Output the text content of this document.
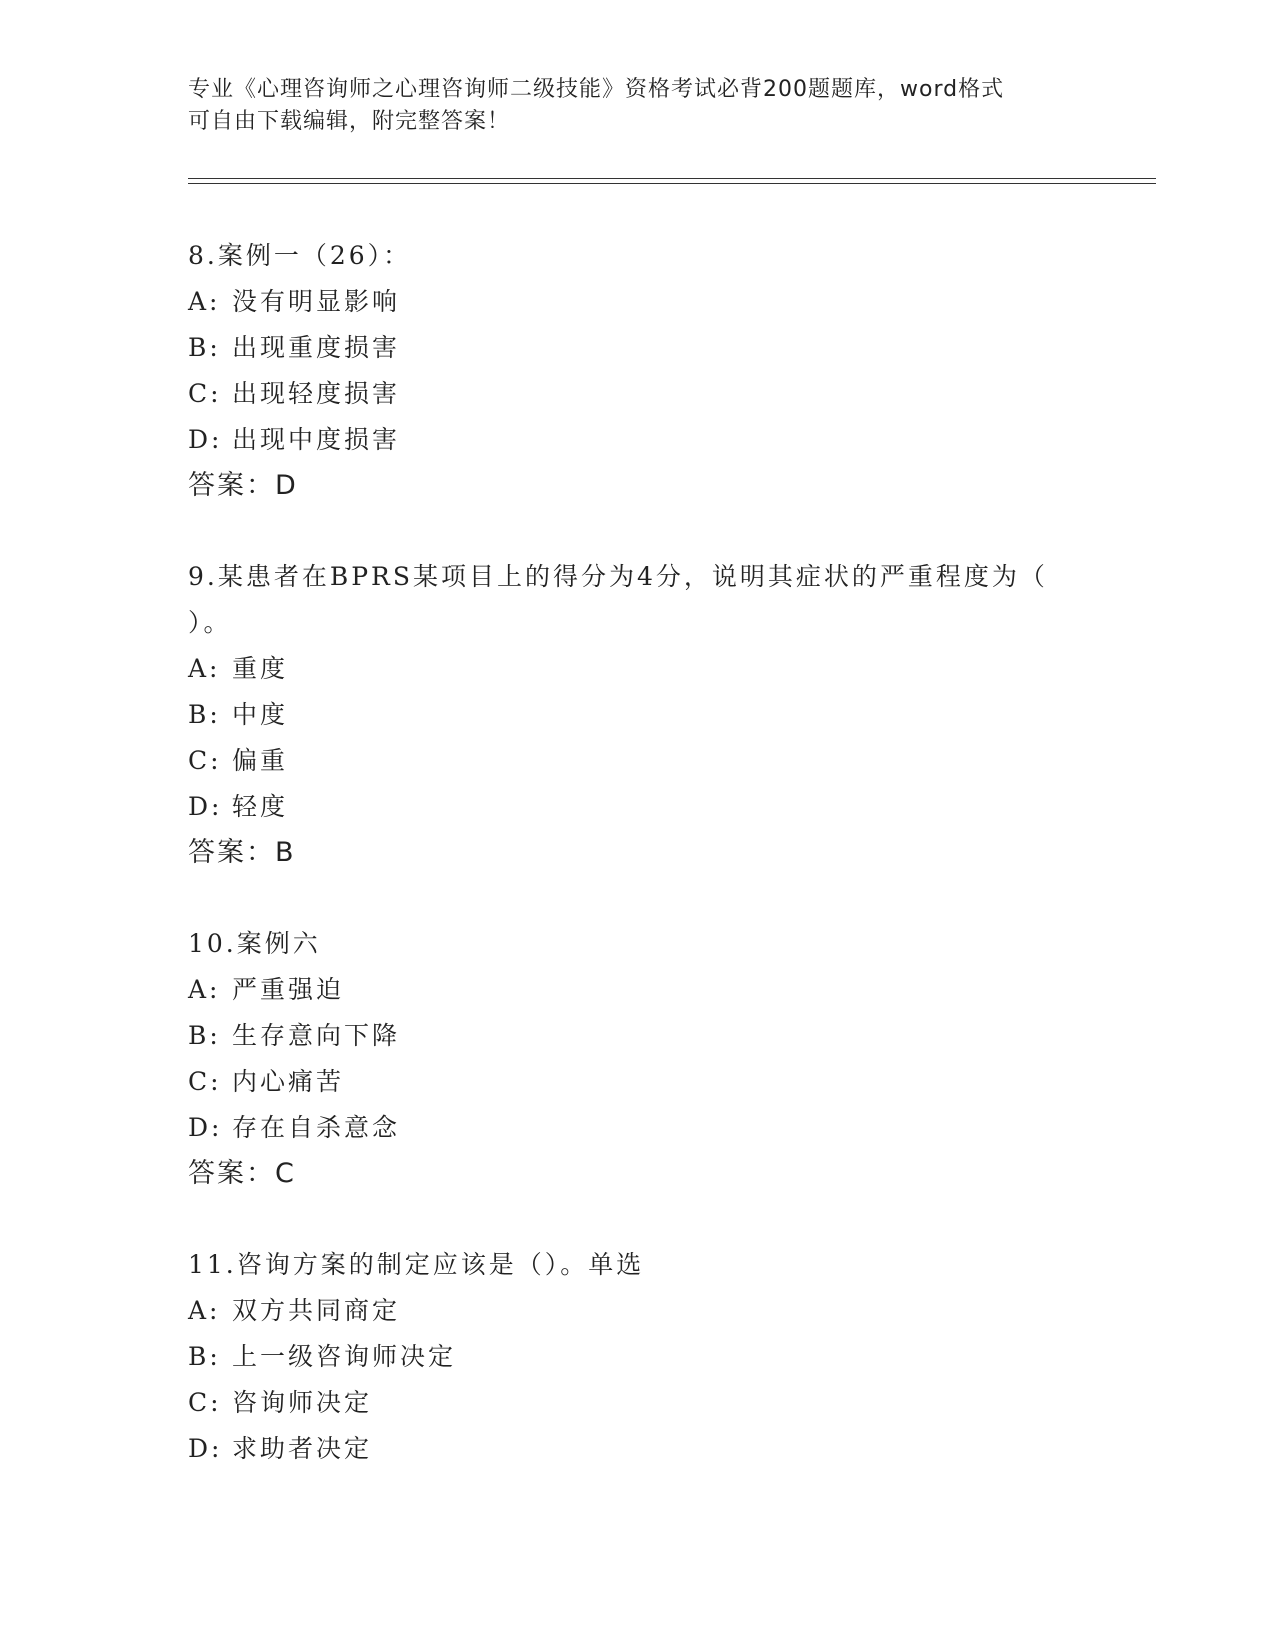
专业《心理咨询师之心理咨询师二级技能》资格考试必背200题题库，word格式
可自由下载编辑，附完整答案！
8.案例一（26）：
A: 没有明显影响
B: 出现重度损害
C: 出现轻度损害
D: 出现中度损害
答案：D
9.某患者在BPRS某项目上的得分为4分，说明其症状的严重程度为（
）。
A: 重度
B: 中度
C: 偏重
D: 轻度
答案：B
10.案例六
A: 严重强迫
B: 生存意向下降
C: 内心痛苦
D: 存在自杀意念
答案：C
11.咨询方案的制定应该是（）。单选
A: 双方共同商定
B: 上一级咨询师决定
C: 咨询师决定
D: 求助者决定
